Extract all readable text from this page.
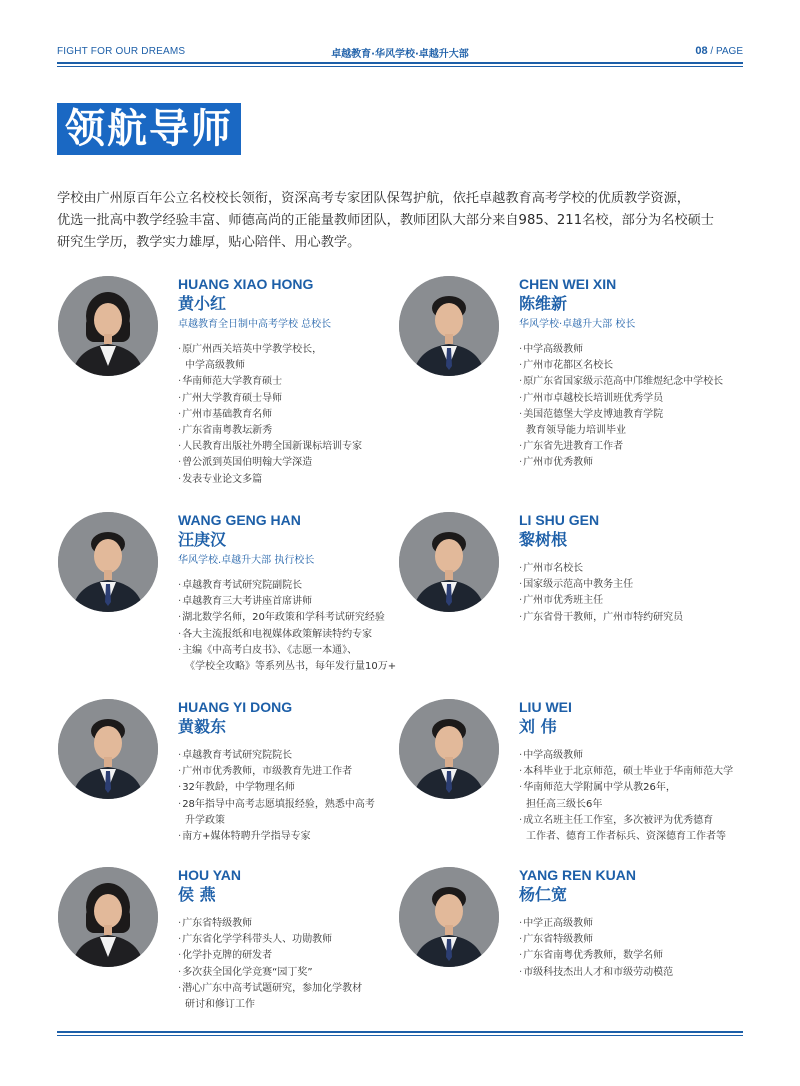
FIGHT FOR OUR DREAMS	卓越教育·华风学校·卓越升大部	08 / PAGE
领航导师

学校由广州原百年公立名校校长领衔，资深高考专家团队保驾护航，依托卓越教育高考学校的优质教学资源，

优选一批高中教学经验丰富、师德高尚的正能量教师团队，教师团队大部分来自985、211名校，部分为名校硕士

研究生学历，教学实力雄厚，贴心陪伴、用心教学。

HUANG XIAO HONG
黄小红
卓越教育全日制中高考学校 总校长
· 原广州西关培英中学教学校长，
中学高级教师
· 华南师范大学教育硕士
· 广州大学教育硕士导师
· 广州市基础教育名师
· 广东省南粤教坛新秀
· 人民教育出版社外聘全国新课标培训专家
· 曾公派到英国伯明翰大学深造
· 发表专业论文多篇
CHEN WEI XIN
陈维新
华风学校·卓越升大部 校长
· 中学高级教师
· 广州市花都区名校长
· 原广东省国家级示范高中邝维煜纪念中学校长
· 广州市卓越校长培训班优秀学员
· 美国范德堡大学皮博迪教育学院
教育领导能力培训毕业
· 广东省先进教育工作者
· 广州市优秀教师
WANG GENG HAN
汪庚汉
华风学校.卓越升大部 执行校长
· 卓越教育考试研究院副院长
· 卓越教育三大考讲座首席讲师
· 湖北数学名师，20年政策和学科考试研究经验
· 各大主流报纸和电视媒体政策解读特约专家
· 主编《中高考白皮书》、《志愿一本通》、
《学校全攻略》等系列丛书，每年发行量10万+
LI SHU GEN
黎树根
· 广州市名校长
· 国家级示范高中教务主任
· 广州市优秀班主任
· 广东省骨干教师，广州市特约研究员
HUANG YI DONG
黄毅东
· 卓越教育考试研究院院长
· 广州市优秀教师，市级教育先进工作者
· 32年教龄，中学物理名师
· 28年指导中高考志愿填报经验，熟悉中高考
升学政策
· 南方+媒体特聘升学指导专家
LIU WEI
刘 伟
· 中学高级教师
· 本科毕业于北京师范，硕士毕业于华南师范大学
· 华南师范大学附属中学从教26年，
担任高三级长6年
· 成立名班主任工作室，多次被评为优秀德育
工作者、德育工作者标兵、资深德育工作者等
HOU YAN
侯 燕
· 广东省特级教师
· 广东省化学学科带头人、功勋教师
· 化学扑克牌的研发者
· 多次获全国化学竞赛“园丁奖”
· 潜心广东中高考试题研究，参加化学教材
研讨和修订工作
YANG REN KUAN
杨仁宽
· 中学正高级教师
· 广东省特级教师
· 广东省南粤优秀教师，数学名师
· 市级科技杰出人才和市级劳动模范
